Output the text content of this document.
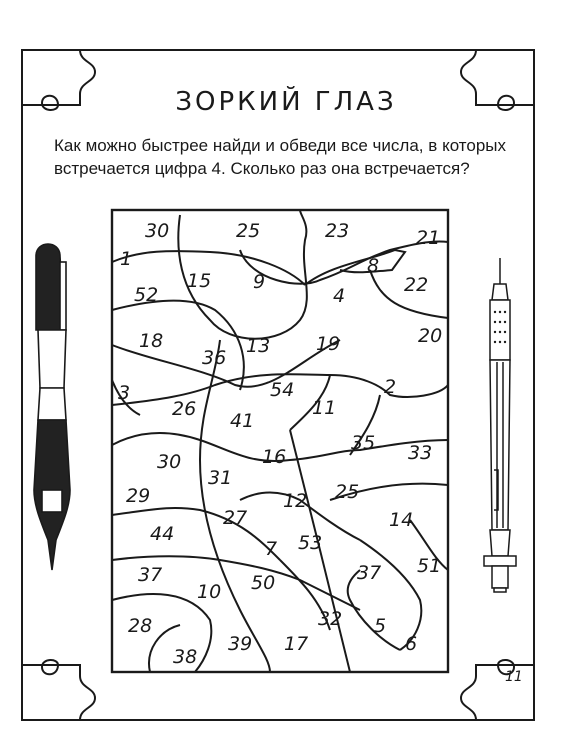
ЗОРКИЙ ГЛАЗ

Как можно быстрее найди и обведи все числа, в которых встречается цифра 4. Сколько раз она встречается?

30	25	23	21
1	8
15 9
4	22
52
18	13 19	20
36
54
3	2
26
41
11
35 33
16
30
31
29	12 25
44
27	14
7 53
51
37	37
50
10
32
28	5
39 17
38
6
11
